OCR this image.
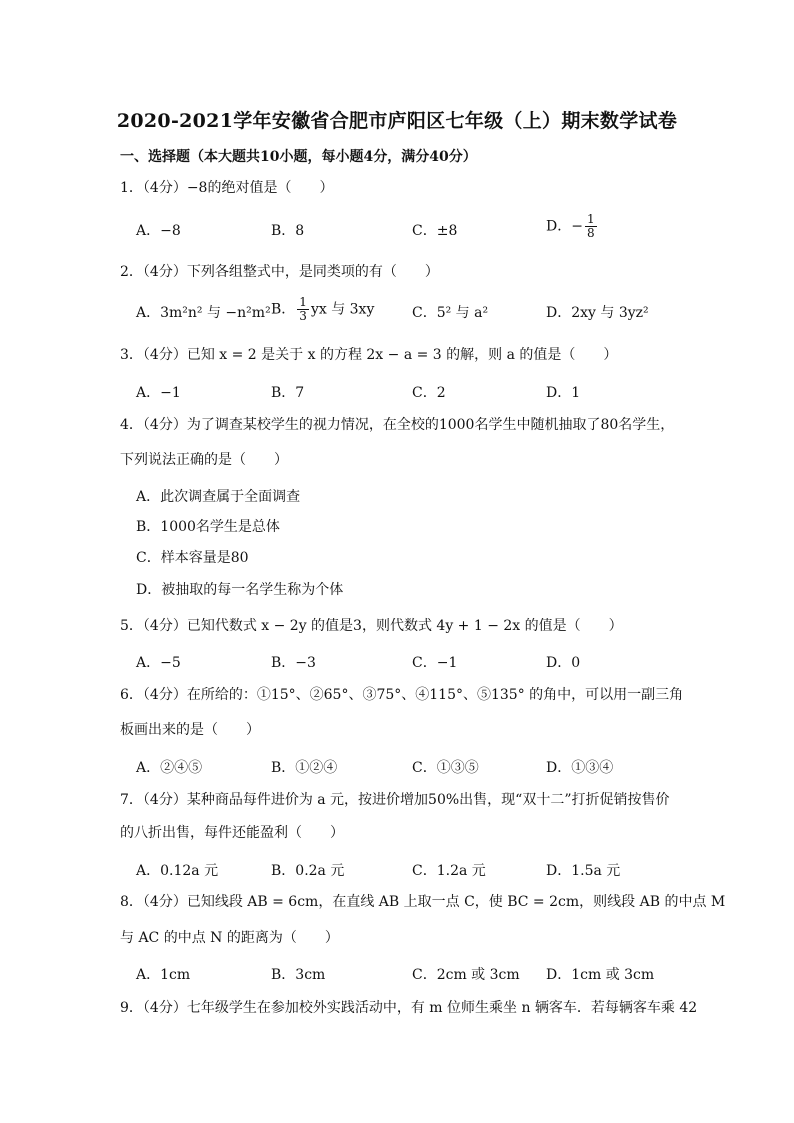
2020-2021学年安徽省合肥市庐阳区七年级（上）期末数学试卷
一、选择题（本大题共10小题，每小题4分，满分40分）
1．（4分）−8的绝对值是（　　）
A．−8	B．8	C．±8	D．− $\frac{1}{8}$
2．（4分）下列各组整式中，是同类项的有（　　）
A．3m²n² 与 −n²m² B． $\frac{1}{3}$ yx 与 3xy	C．5² 与 a²	D．2xy 与 3yz²
3．（4分）已知 x = 2 是关于 x 的方程 2x − a = 3 的解，则 a 的值是（　　）
A．−1	B．7	C．2	D．1
4．（4分）为了调查某校学生的视力情况，在全校的1000名学生中随机抽取了80名学生，
下列说法正确的是（　　）
A．此次调查属于全面调查
B．1000名学生是总体
C．样本容量是80
D．被抽取的每一名学生称为个体
5．（4分）已知代数式 x − 2y 的值是3，则代数式 4y + 1 − 2x 的值是（　　）
A．−5	B．−3	C．−1	D．0
6．（4分）在所给的：①15°、②65°、③75°、④115°、⑤135° 的角中，可以用一副三角
板画出来的是（　　）
A．②④⑤	B．①②④	C．①③⑤	D．①③④
7．（4分）某种商品每件进价为 a 元，按进价增加50%出售，现“双十二”打折促销按售价
的八折出售，每件还能盈利（　　）
A．0.12a 元	B．0.2a 元	C．1.2a 元	D．1.5a 元
8．（4分）已知线段 AB = 6cm，在直线 AB 上取一点 C，使 BC = 2cm，则线段 AB 的中点 M
与 AC 的中点 N 的距离为（　　）
A．1cm	B．3cm	C．2cm 或 3cm D．1cm 或 3cm
9．（4分）七年级学生在参加校外实践活动中，有 m 位师生乘坐 n 辆客车．若每辆客车乘 42
